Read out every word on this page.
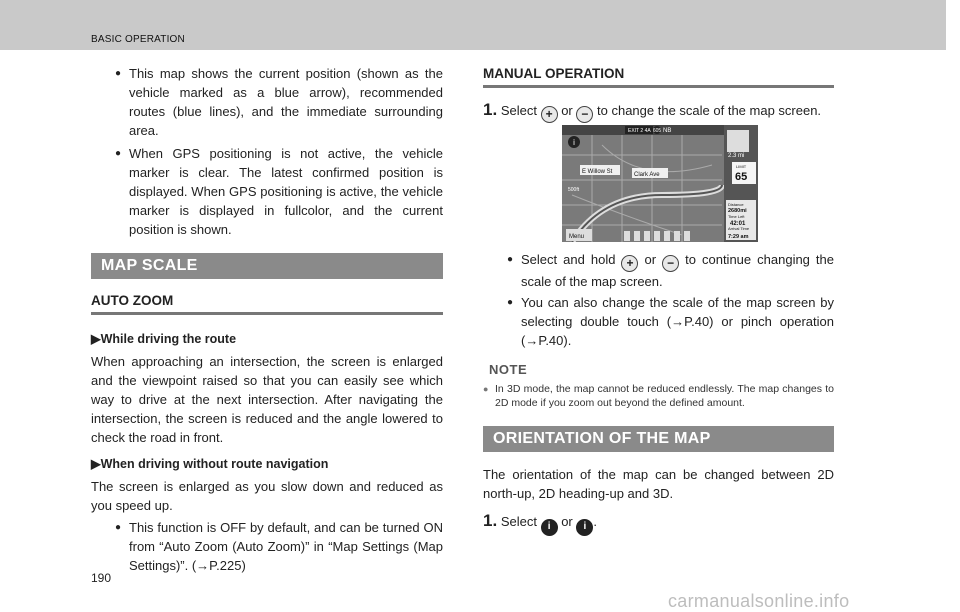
BASIC OPERATION
● This map shows the current position (shown as the vehicle marked as a blue arrow), recommended routes (blue lines), and the immediate surrounding area.
● When GPS positioning is not active, the vehicle marker is clear. The latest confirmed position is displayed. When GPS positioning is active, the vehicle marker is displayed in fullcolor, and the current position is shown.
MAP SCALE
AUTO ZOOM
▶While driving the route
When approaching an intersection, the screen is enlarged and the viewpoint raised so that you can easily see which way to drive at the next intersection. After navigating the intersection, the screen is reduced and the angle lowered to check the road in front.
▶When driving without route navigation
The screen is enlarged as you slow down and reduced as you speed up.
● This function is OFF by default, and can be turned ON from “Auto Zoom (Auto Zoom)” in “Map Settings (Map Settings)”. (→P.225)
MANUAL OPERATION
1. Select + or − to change the scale of the map screen.
i
EXIT 2 4A 605 NB
E Willow St	Clark Ave
2.3 mi
LIMIT
65
Distance
2680mi
Time Left
42:01
Arrival Time
7:29 am
500ft
Menu
● Select and hold + or − to continue changing the scale of the map screen.
● You can also change the scale of the map screen by selecting double touch (→P.40) or pinch operation (→P.40).
NOTE
● In 3D mode, the map cannot be reduced endlessly. The map changes to 2D mode if you zoom out beyond the defined amount.
ORIENTATION OF THE MAP
The orientation of the map can be changed between 2D north-up, 2D heading-up and 3D.
1. Select i or i .
190
carmanualsonline.info
